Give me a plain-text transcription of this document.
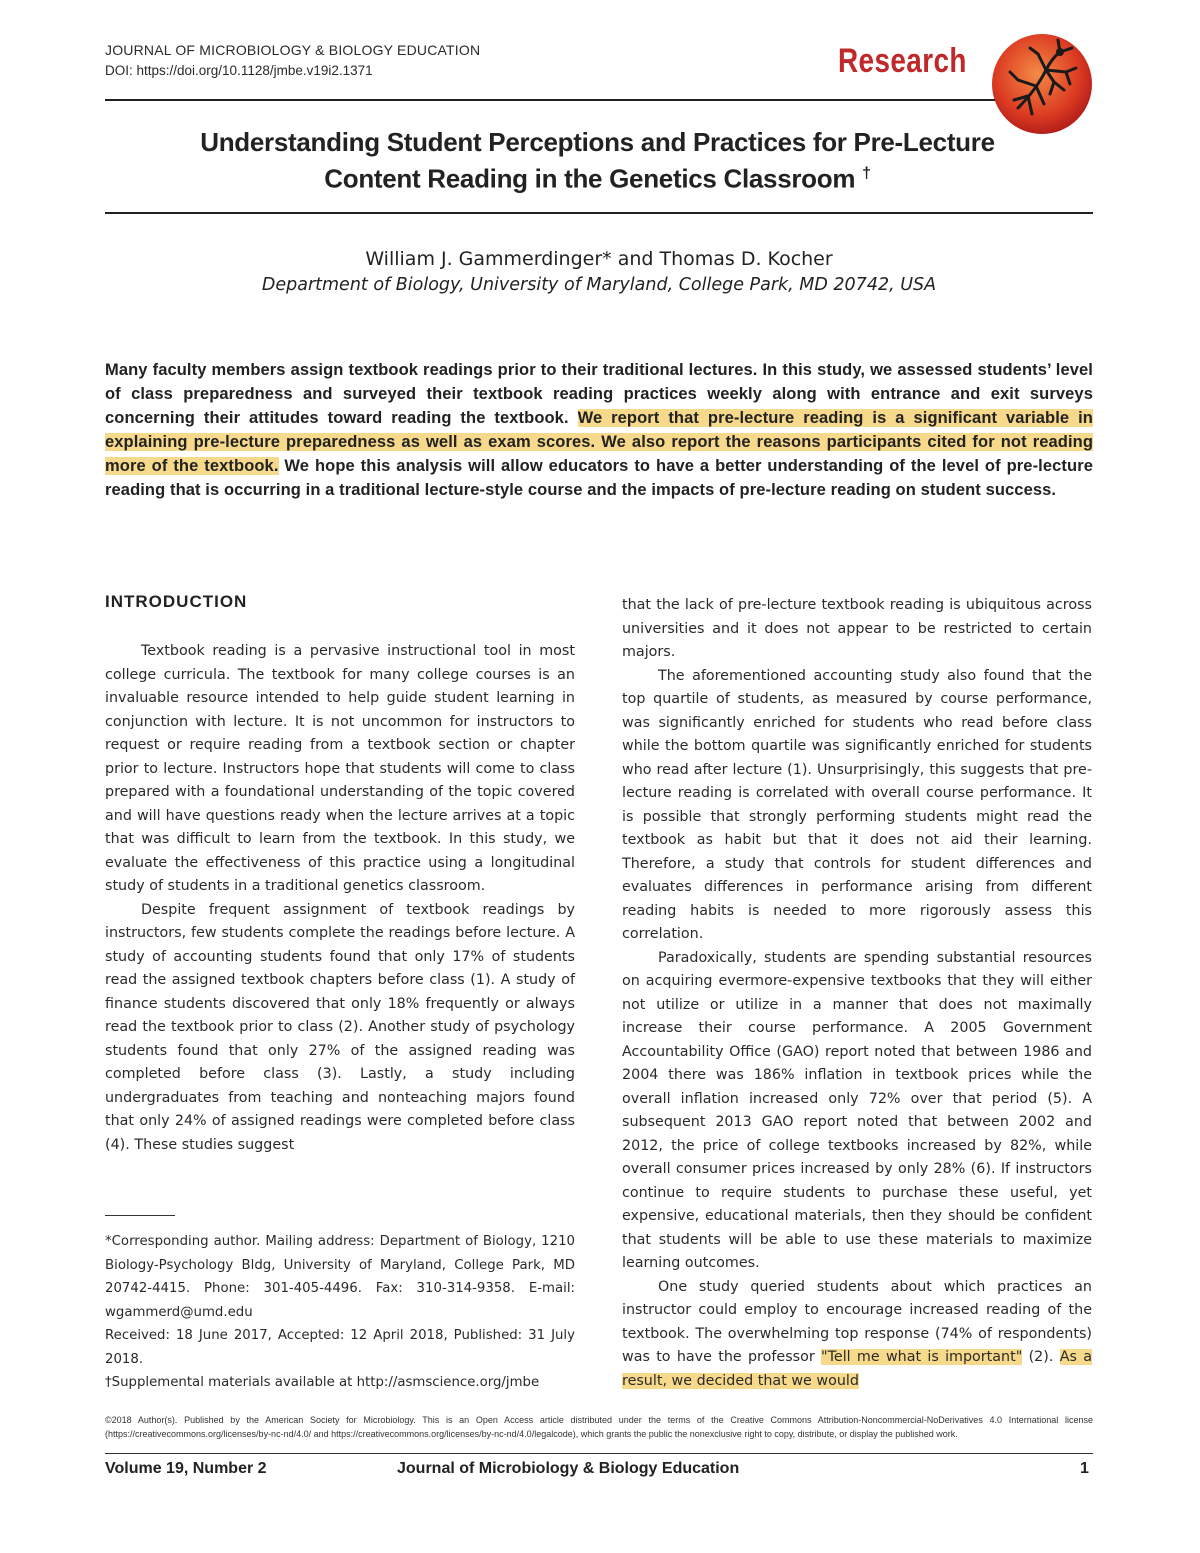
JOURNAL OF MICROBIOLOGY & BIOLOGY EDUCATION
DOI: https://doi.org/10.1128/jmbe.v19i2.1371	Research
Understanding Student Perceptions and Practices for Pre-Lecture
Content Reading in the Genetics Classroom †
William J. Gammerdinger* and Thomas D. Kocher
Department of Biology, University of Maryland, College Park, MD 20742, USA
Many faculty members assign textbook readings prior to their traditional lectures. In this study, we assessed students’ level of class preparedness and surveyed their textbook reading practices weekly along with entrance and exit surveys concerning their attitudes toward reading the textbook. We report that pre-lecture reading is a significant variable in explaining pre-lecture preparedness as well as exam scores. We also report the reasons participants cited for not reading more of the textbook. We hope this analysis will allow educators to have a better understanding of the level of pre-lecture reading that is occurring in a traditional lecture-style course and the impacts of pre-lecture reading on student success.
INTRODUCTION

Textbook reading is a pervasive instructional tool in most college curricula. The textbook for many college courses is an invaluable resource intended to help guide student learning in conjunction with lecture. It is not uncommon for instructors to request or require reading from a textbook section or chapter prior to lecture. Instructors hope that students will come to class prepared with a foundational understanding of the topic covered and will have questions ready when the lecture arrives at a topic that was difficult to learn from the textbook. In this study, we evaluate the effectiveness of this practice using a longitudinal study of students in a traditional genetics classroom.

Despite frequent assignment of textbook readings by instructors, few students complete the readings before lecture. A study of accounting students found that only 17% of students read the assigned textbook chapters before class (1). A study of finance students discovered that only 18% frequently or always read the textbook prior to class (2). Another study of psychology students found that only 27% of the assigned reading was completed before class (3). Lastly, a study including undergraduates from teaching and nonteaching majors found that only 24% of assigned readings were completed before class (4). These studies suggest

*Corresponding author. Mailing address: Department of Biology, 1210 Biology-Psychology Bldg, University of Maryland, College Park, MD 20742-4415. Phone: 301-405-4496. Fax: 310-314-9358. E-mail: wgammerd@umd.edu

Received: 18 June 2017, Accepted: 12 April 2018, Published: 31 July 2018.

†Supplemental materials available at http://asmscience.org/jmbe

that the lack of pre-lecture textbook reading is ubiquitous across universities and it does not appear to be restricted to certain majors.

The aforementioned accounting study also found that the top quartile of students, as measured by course performance, was significantly enriched for students who read before class while the bottom quartile was significantly enriched for students who read after lecture (1). Unsurprisingly, this suggests that pre-lecture reading is correlated with overall course performance. It is possible that strongly performing students might read the textbook as habit but that it does not aid their learning. Therefore, a study that controls for student differences and evaluates differences in performance arising from different reading habits is needed to more rigorously assess this correlation.

Paradoxically, students are spending substantial resources on acquiring evermore-expensive textbooks that they will either not utilize or utilize in a manner that does not maximally increase their course performance. A 2005 Government Accountability Office (GAO) report noted that between 1986 and 2004 there was 186% inflation in textbook prices while the overall inflation increased only 72% over that period (5). A subsequent 2013 GAO report noted that between 2002 and 2012, the price of college textbooks increased by 82%, while overall consumer prices increased by only 28% (6). If instructors continue to require students to purchase these useful, yet expensive, educational materials, then they should be confident that students will be able to use these materials to maximize learning outcomes.

One study queried students about which practices an instructor could employ to encourage increased reading of the textbook. The overwhelming top response (74% of respondents) was to have the professor "Tell me what is important" (2). As a result, we decided that we would

©2018 Author(s). Published by the American Society for Microbiology. This is an Open Access article distributed under the terms of the Creative Commons Attribution-Noncommercial-NoDerivatives 4.0 International license (https://creativecommons.org/licenses/by-nc-nd/4.0/ and https://creativecommons.org/licenses/by-nc-nd/4.0/legalcode), which grants the public the nonexclusive right to copy, distribute, or display the published work.
Volume 19, Number 2	Journal of Microbiology & Biology Education	1
